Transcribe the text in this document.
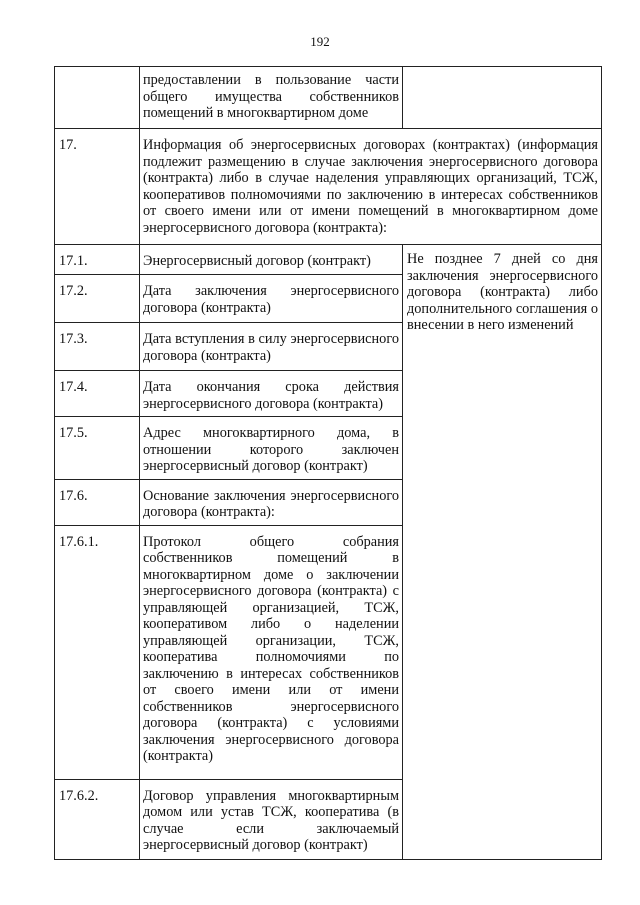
192

	предоставлении в пользование части общего имущества собственников помещений в многоквартирном доме	

17.	Информация об энергосервисных договорах (контрактах) (информация подлежит размещению в случае заключения энергосервисного договора (контракта) либо в случае наделения управляющих организаций, ТСЖ, кооперативов полномочиями по заключению в интересах собственников от своего имени или от имени помещений в многоквартирном доме энергосервисного договора (контракта):	

17.1.	Энергосервисный договор (контракт)	Не позднее 7 дней со дня заключения энергосервисного договора (контракта) либо дополнительного соглашения о внесении в него изменений

17.2.	Дата заключения энергосервисного договора (контракта)	

17.3.	Дата вступления в силу энергосервисного договора (контракта)	

17.4.	Дата окончания срока действия энергосервисного договора (контракта)	

17.5.	Адрес многоквартирного дома, в отношении которого заключен энергосервисный договор (контракт)	

17.6.	Основание заключения энергосервисного договора (контракта):	

17.6.1.	Протокол общего собрания собственников помещений в многоквартирном доме о заключении энергосервисного договора (контракта) с управляющей организацией, ТСЖ, кооперативом либо о наделении управляющей организации, ТСЖ, кооператива полномочиями по заключению в интересах собственников от своего имени или от имени собственников энергосервисного договора (контракта) с условиями заключения энергосервисного договора (контракта)	

17.6.2.	Договор управления многоквартирным домом или устав ТСЖ, кооператива (в случае если заключаемый энергосервисный договор (контракт)	
